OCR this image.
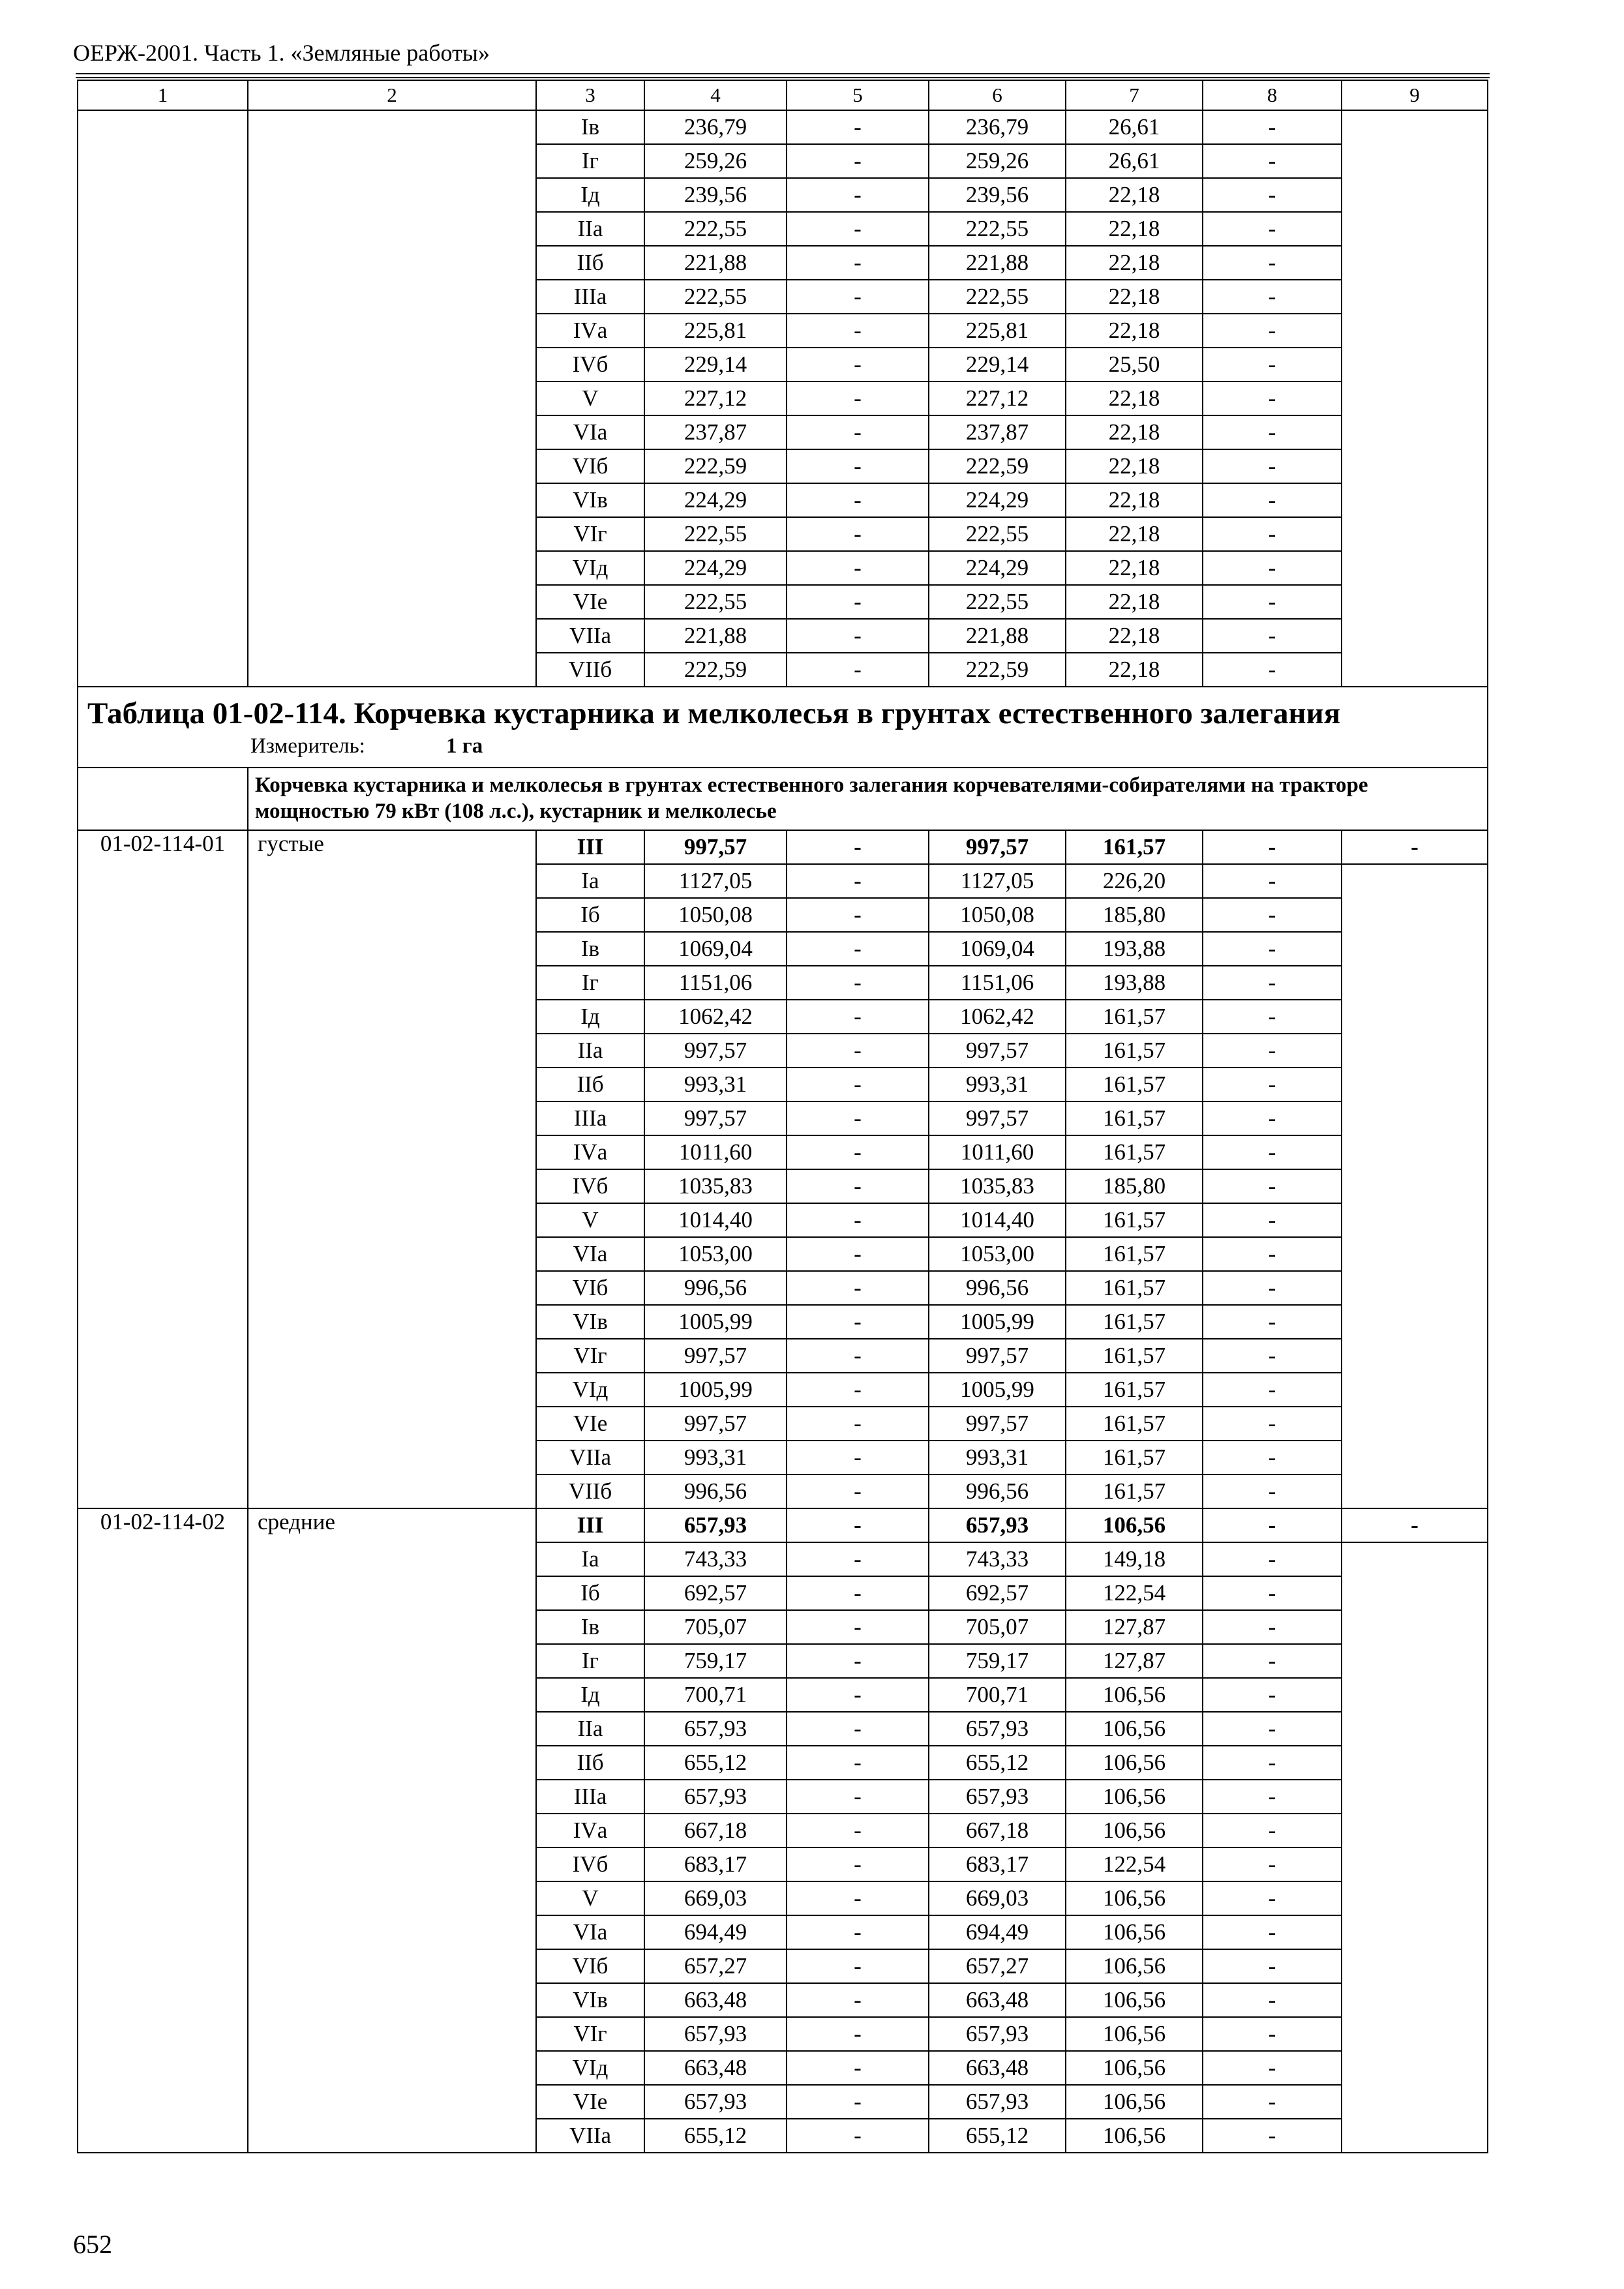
ОЕРЖ-2001. Часть 1. «Земляные работы»
1	2	3	4	5	6	7	8	9
		Iв	236,79	-	236,79	26,61	-	
		Iг	259,26	-	259,26	26,61	-	
		Iд	239,56	-	239,56	22,18	-	
		IIа	222,55	-	222,55	22,18	-	
		IIб	221,88	-	221,88	22,18	-	
		IIIа	222,55	-	222,55	22,18	-	
		IVа	225,81	-	225,81	22,18	-	
		IVб	229,14	-	229,14	25,50	-	
		V	227,12	-	227,12	22,18	-	
		VIа	237,87	-	237,87	22,18	-	
		VIб	222,59	-	222,59	22,18	-	
		VIв	224,29	-	224,29	22,18	-	
		VIг	222,55	-	222,55	22,18	-	
		VIд	224,29	-	224,29	22,18	-	
		VIе	222,55	-	222,55	22,18	-	
		VIIа	221,88	-	221,88	22,18	-	
		VIIб	222,59	-	222,59	22,18	-	

Таблица 01-02-114. Корчевка кустарника и мелколесья в грунтах естественного залегания
Измеритель: 1 га								

	Корчевка кустарника и мелколесья в грунтах естественного залегания корчевателями-собирателями на тракторе мощностью 79 кВт (108 л.с.), кустарник и мелколесье							
01-02-114-01	густые	III	997,57	-	997,57	161,57	-	-
		Iа	1127,05	-	1127,05	226,20	-	
		Iб	1050,08	-	1050,08	185,80	-	
		Iв	1069,04	-	1069,04	193,88	-	
		Iг	1151,06	-	1151,06	193,88	-	
		Iд	1062,42	-	1062,42	161,57	-	
		IIа	997,57	-	997,57	161,57	-	
		IIб	993,31	-	993,31	161,57	-	
		IIIа	997,57	-	997,57	161,57	-	
		IVа	1011,60	-	1011,60	161,57	-	
		IVб	1035,83	-	1035,83	185,80	-	
		V	1014,40	-	1014,40	161,57	-	
		VIа	1053,00	-	1053,00	161,57	-	
		VIб	996,56	-	996,56	161,57	-	
		VIв	1005,99	-	1005,99	161,57	-	
		VIг	997,57	-	997,57	161,57	-	
		VIд	1005,99	-	1005,99	161,57	-	
		VIе	997,57	-	997,57	161,57	-	
		VIIа	993,31	-	993,31	161,57	-	
		VIIб	996,56	-	996,56	161,57	-	
01-02-114-02	средние	III	657,93	-	657,93	106,56	-	-
		Iа	743,33	-	743,33	149,18	-	
		Iб	692,57	-	692,57	122,54	-	
		Iв	705,07	-	705,07	127,87	-	
		Iг	759,17	-	759,17	127,87	-	
		Iд	700,71	-	700,71	106,56	-	
		IIа	657,93	-	657,93	106,56	-	
		IIб	655,12	-	655,12	106,56	-	
		IIIа	657,93	-	657,93	106,56	-	
		IVа	667,18	-	667,18	106,56	-	
		IVб	683,17	-	683,17	122,54	-	
		V	669,03	-	669,03	106,56	-	
		VIа	694,49	-	694,49	106,56	-	
		VIб	657,27	-	657,27	106,56	-	
		VIв	663,48	-	663,48	106,56	-	
		VIг	657,93	-	657,93	106,56	-	
		VIд	663,48	-	663,48	106,56	-	
		VIе	657,93	-	657,93	106,56	-	
		VIIа	655,12	-	655,12	106,56	-	
652
